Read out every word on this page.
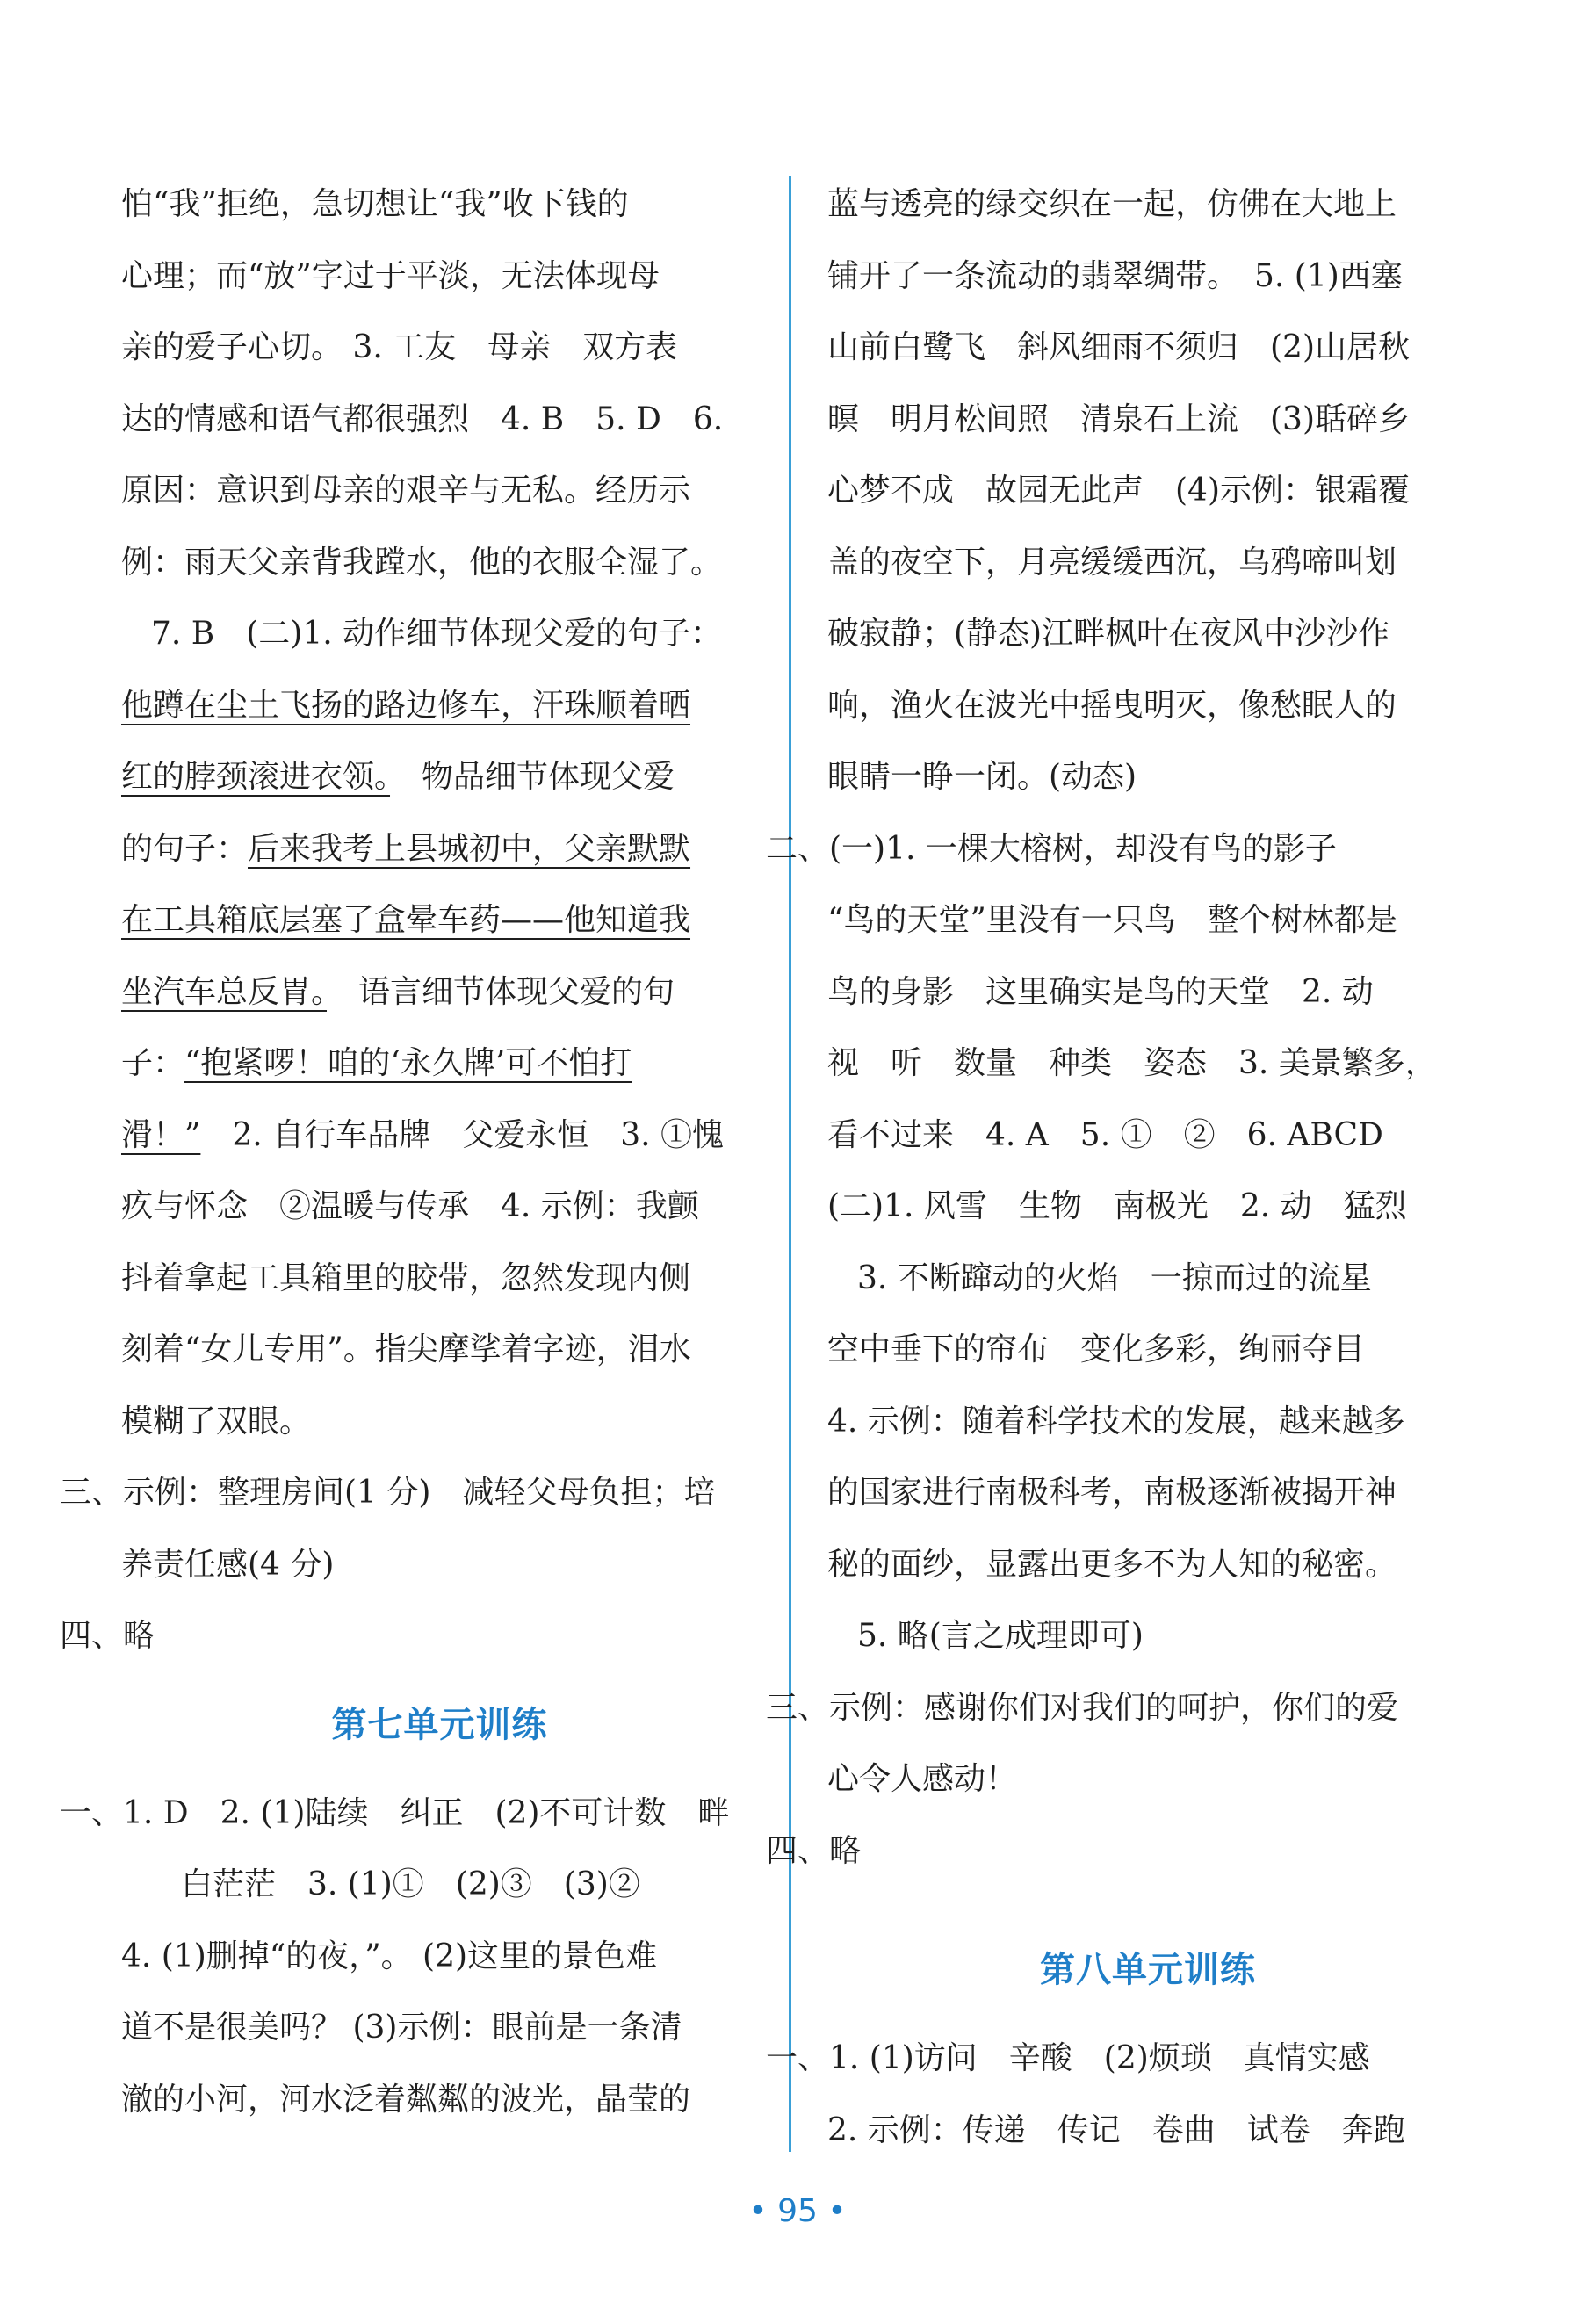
怕“我”拒绝，急切想让“我”收下钱的
心理；而“放”字过于平淡，无法体现母
亲的爱子心切。 3. 工友　母亲　双方表
达的情感和语气都很强烈　4. B　5. D　6.
原因：意识到母亲的艰辛与无私。经历示
例：雨天父亲背我蹚水，他的衣服全湿了。
7. B　(二)1. 动作细节体现父爱的句子：
他蹲在尘土飞扬的路边修车，汗珠顺着晒
红的脖颈滚进衣领。　物品细节体现父爱
的句子：后来我考上县城初中，父亲默默
在工具箱底层塞了盒晕车药——他知道我
坐汽车总反胃。　语言细节体现父爱的句
子：“抱紧啰！咱的‘永久牌’可不怕打
滑！”　2. 自行车品牌　父爱永恒　3. ①愧
疚与怀念　②温暖与传承　4. 示例：我颤
抖着拿起工具箱里的胶带，忽然发现内侧
刻着“女儿专用”。指尖摩挲着字迹，泪水
模糊了双眼。
三、示例：整理房间(1 分)　减轻父母负担；培
养责任感(4 分)
四、略
第七单元训练
一、1. D　2. (1)陆续　纠正　(2)不可计数　畔
白茫茫　3. (1)①　(2)③　(3)②
4. (1)删掉“的夜，”。 (2)这里的景色难
道不是很美吗？ (3)示例：眼前是一条清
澈的小河，河水泛着粼粼的波光，晶莹的
蓝与透亮的绿交织在一起，仿佛在大地上
铺开了一条流动的翡翠绸带。　5. (1)西塞
山前白鹭飞　斜风细雨不须归　(2)山居秋
暝　明月松间照　清泉石上流　(3)聒碎乡
心梦不成　故园无此声　(4)示例：银霜覆
盖的夜空下，月亮缓缓西沉，乌鸦啼叫划
破寂静；(静态)江畔枫叶在夜风中沙沙作
响，渔火在波光中摇曳明灭，像愁眠人的
眼睛一睁一闭。(动态)
二、(一)1. 一棵大榕树，却没有鸟的影子
“鸟的天堂”里没有一只鸟　整个树林都是
鸟的身影　这里确实是鸟的天堂　2. 动
视　听　数量　种类　姿态　3. 美景繁多，
看不过来　4. A　5. ①　②　6. ABCD
(二)1. 风雪　生物　南极光　2. 动　猛烈
3. 不断蹿动的火焰　一掠而过的流星
空中垂下的帘布　变化多彩，绚丽夺目
4. 示例：随着科学技术的发展，越来越多
的国家进行南极科考，南极逐渐被揭开神
秘的面纱，显露出更多不为人知的秘密。
5. 略(言之成理即可)
三、示例：感谢你们对我们的呵护，你们的爱
心令人感动！
四、略
第八单元训练
一、1. (1)访问　辛酸　(2)烦琐　真情实感
2. 示例：传递　传记　卷曲　试卷　奔跑
• 95 •
